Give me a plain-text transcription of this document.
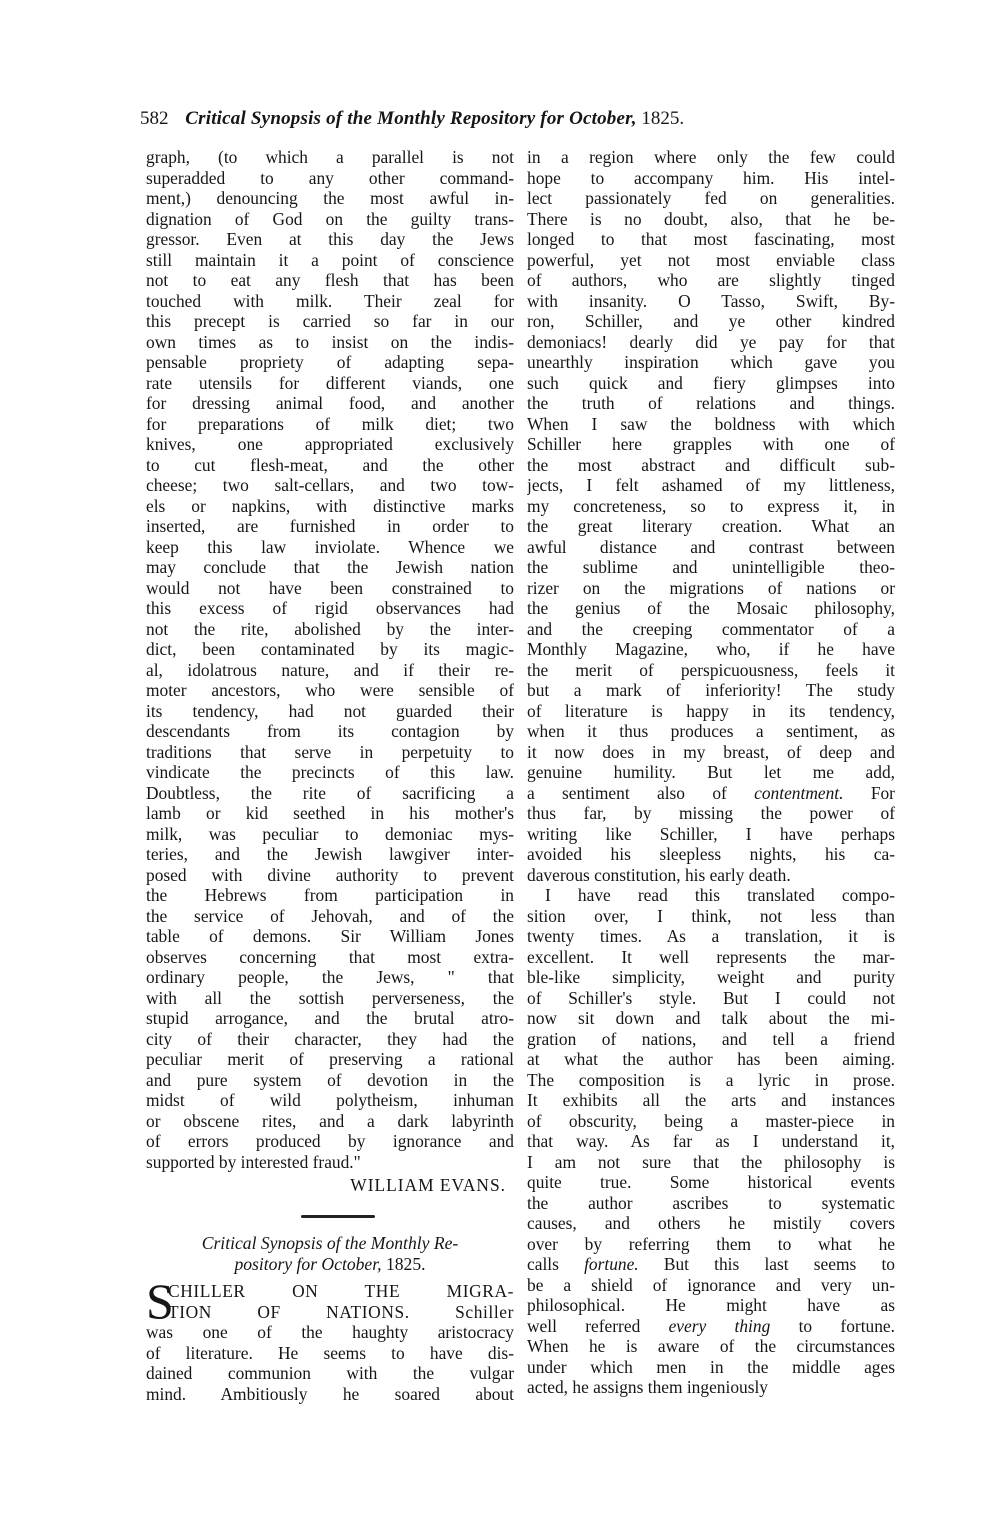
582 Critical Synopsis of the Monthly Repository for October, 1825.
graph, (to which a parallel is not
superadded to any other command-
ment,) denouncing the most awful in-
dignation of God on the guilty trans-
gressor. Even at this day the Jews
still maintain it a point of conscience
not to eat any flesh that has been
touched with milk. Their zeal for
this precept is carried so far in our
own times as to insist on the indis-
pensable propriety of adapting sepa-
rate utensils for different viands, one
for dressing animal food, and another
for preparations of milk diet; two
knives, one appropriated exclusively
to cut flesh-meat, and the other
cheese; two salt-cellars, and two tow-
els or napkins, with distinctive marks
inserted, are furnished in order to
keep this law inviolate. Whence we
may conclude that the Jewish nation
would not have been constrained to
this excess of rigid observances had
not the rite, abolished by the inter-
dict, been contaminated by its magic-
al, idolatrous nature, and if their re-
moter ancestors, who were sensible of
its tendency, had not guarded their
descendants from its contagion by
traditions that serve in perpetuity to
vindicate the precincts of this law.
Doubtless, the rite of sacrificing a
lamb or kid seethed in his mother's
milk, was peculiar to demoniac mys-
teries, and the Jewish lawgiver inter-
posed with divine authority to prevent
the Hebrews from participation in
the service of Jehovah, and of the
table of demons. Sir William Jones
observes concerning that most extra-
ordinary people, the Jews, " that
with all the sottish perverseness, the
stupid arrogance, and the brutal atro-
city of their character, they had the
peculiar merit of preserving a rational
and pure system of devotion in the
midst of wild polytheism, inhuman
or obscene rites, and a dark labyrinth
of errors produced by ignorance and
supported by interested fraud."
WILLIAM EVANS.
Critical Synopsis of the Monthly Re-
pository for October, 1825.
S
CHILLER ON THE MIGRA-
TION OF NATIONS. Schiller
was one of the haughty aristocracy
of literature. He seems to have dis-
dained communion with the vulgar
mind. Ambitiously he soared about
in a region where only the few could
hope to accompany him. His intel-
lect passionately fed on generalities.
There is no doubt, also, that he be-
longed to that most fascinating, most
powerful, yet not most enviable class
of authors, who are slightly tinged
with insanity. O Tasso, Swift, By-
ron, Schiller, and ye other kindred
demoniacs! dearly did ye pay for that
unearthly inspiration which gave you
such quick and fiery glimpses into
the truth of relations and things.
When I saw the boldness with which
Schiller here grapples with one of
the most abstract and difficult sub-
jects, I felt ashamed of my littleness,
my concreteness, so to express it, in
the great literary creation. What an
awful distance and contrast between
the sublime and unintelligible theo-
rizer on the migrations of nations or
the genius of the Mosaic philosophy,
and the creeping commentator of a
Monthly Magazine, who, if he have
the merit of perspicuousness, feels it
but a mark of inferiority! The study
of literature is happy in its tendency,
when it thus produces a sentiment, as
it now does in my breast, of deep and
genuine humility. But let me add,
a sentiment also of contentment. For
thus far, by missing the power of
writing like Schiller, I have perhaps
avoided his sleepless nights, his ca-
daverous constitution, his early death.
I have read this translated compo-
sition over, I think, not less than
twenty times. As a translation, it is
excellent. It well represents the mar-
ble-like simplicity, weight and purity
of Schiller's style. But I could not
now sit down and talk about the mi-
gration of nations, and tell a friend
at what the author has been aiming.
The composition is a lyric in prose.
It exhibits all the arts and instances
of obscurity, being a master-piece in
that way. As far as I understand it,
I am not sure that the philosophy is
quite true. Some historical events
the author ascribes to systematic
causes, and others he mistily covers
over by referring them to what he
calls fortune. But this last seems to
be a shield of ignorance and very un-
philosophical. He might have as
well referred every thing to fortune.
When he is aware of the circumstances
under which men in the middle ages
acted, he assigns them ingeniously
